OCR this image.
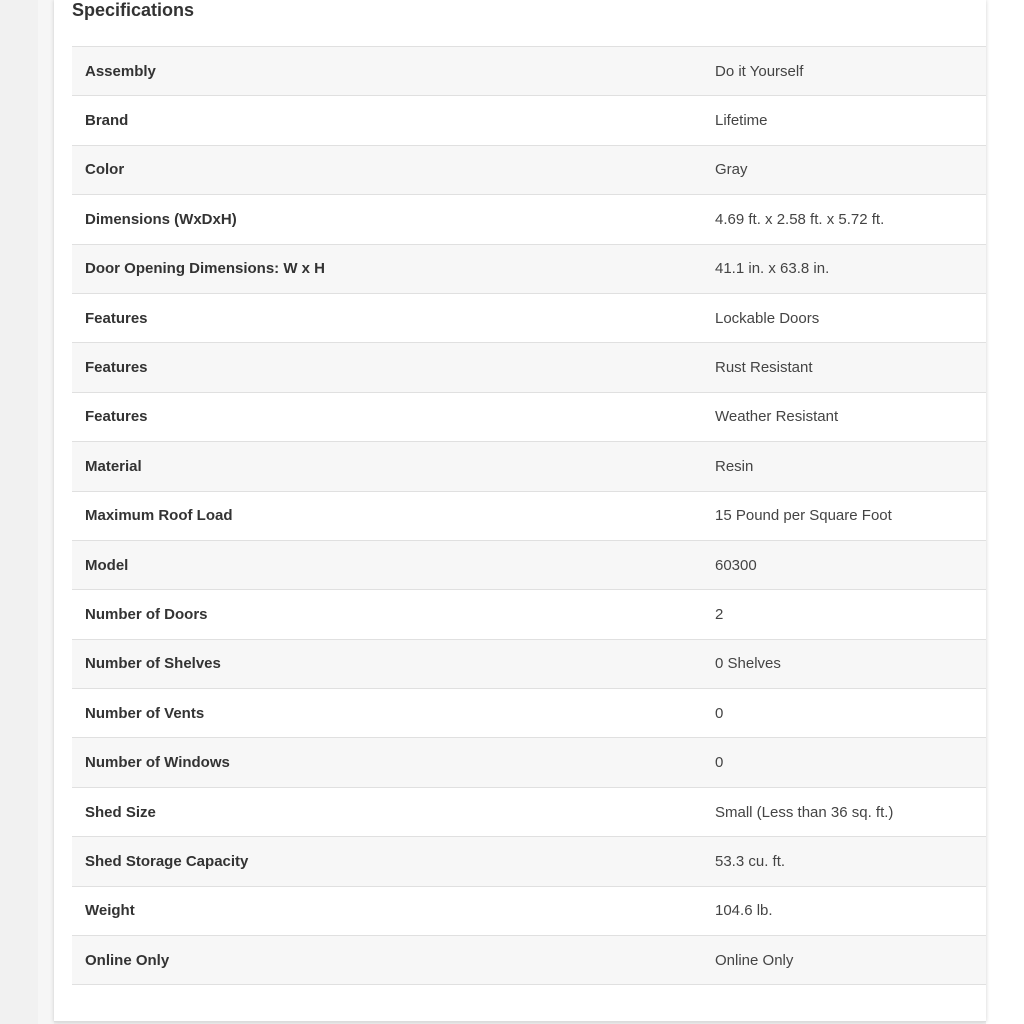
Specifications
Assembly	Do it Yourself
Brand	Lifetime
Color	Gray
Dimensions (WxDxH)	4.69 ft. x 2.58 ft. x 5.72 ft.
Door Opening Dimensions: W x H	41.1 in. x 63.8 in.
Features	Lockable Doors
Features	Rust Resistant
Features	Weather Resistant
Material	Resin
Maximum Roof Load	15 Pound per Square Foot
Model	60300
Number of Doors	2
Number of Shelves	0 Shelves
Number of Vents	0
Number of Windows	0
Shed Size	Small (Less than 36 sq. ft.)
Shed Storage Capacity	53.3 cu. ft.
Weight	104.6 lb.
Online Only	Online Only
